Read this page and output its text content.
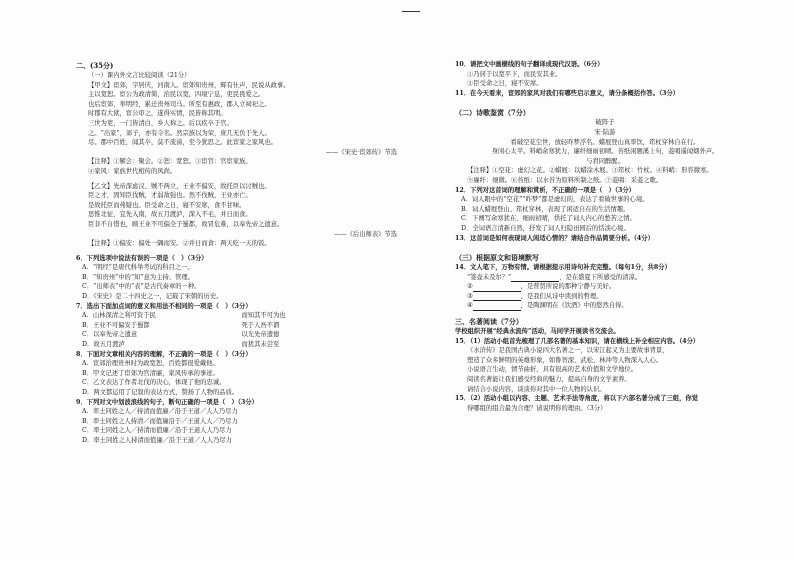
二、(35分)
（一）课内外文言比较阅读（21分）
【甲文】宦郊，字居庆，河南人。宦郊知贵州，辉有仕声，民说从政事。
主以宽恕。宦公为政清简，治民以宽，四境宁息，吏民畏爱之。
也后宦郊，举明经，累迁贵州司马。所至有惠政，郡人立祠祀之。
时郡有大狱，宦公审之，遂得实情，民皆称其明。
三世为吏，一门皆清白，乡人称之。后以疾卒于官。
之。“出家”，郊子，亦有令名。然宗族以为荣，庶几无负于先人。
尽。郡中百姓，闻其卒，莫不流涕，至今犹思之。此宦家之家风也。
——《宋史·宦郊传》节选
【注释】①解会：聚会。②恕：宽恕。③宦官：官宦家族。
④家风：家族世代相传的风尚。
【乙文】先帝深虑汉、贼不两立，王业不偏安，故托臣以讨贼也。
臣之才，固知臣伐贼，才弱敌强也。然不伐贼，王业亦亡。
是故托臣而弗疑也。臣受命之日，寝不安席，食不甘味。
思惟北征，宜先入南，故五月渡泸，深入不毛，并日而食。
臣非不自惜也，顾王业不可偏全于蜀都，故冒危难，以奉先帝之遗意。
——《后出师表》节选
【注释】①偏安：偏处一隅而安。②并日而食：两天吃一天的饭。
6．下列选项中说法有误的一项是（　）（3分）
A．“明经”是唐代科举考试的科目之一。
B．“知贵州”中的“知”意为主持、管理。
C．“出师表”中的“表”是古代奏章的一种。
D．《宋史》是二十四史之一，记载了宋朝的历史。
7．选出下面加点词的意义和用法不相同的一项是（　）（3分）
A．山林深清之利可资于民	而知其不可为也
B．王业不可偏安于蜀都	死于人吾不谓
C．以奉先帝之遗意	以光先帝遗德
D．故五月渡泸	而犹其未尝至
8．下面对文章相关内容的理解，不正确的一项是（　）（3分）
A．宦郊治理贵州时为政宽恕，百姓都很爱戴他。
B．甲文记述了宦郊为官清廉，家风传承的事迹。
C．乙文表达了作者北伐的决心，体现了他的忠诚。
D．两文都运用了记叙的表达方式，赞扬了人物的品质。
9．下列对文中划波浪线的句子，断句正确的一项是（　）（3分）
A．率土同姓之人／持清而值廉／沿于王道／人人乃尽力
B．率土同姓之人持清／而值廉沿于／王道人人／乃尽力
C．率土同姓之人／持清而值廉／沿于王道人人乃尽力
D．率土同姓之人持清而值廉／沿于王道／人人乃尽力
10．请把文中画横线的句子翻译成现代汉语。（6分）
①乃居于以宽平下，而民安其业。
②臣受命之日，寝不安席。
11．在今天看来，宦郊的家风对我们有哪些启示意义，请分条概括作答。（3分）
（二）诗歌鉴赏（7分）
破阵子
宋·陆游
看破空花尘世，放轻昨梦浮名。蜡屐登山真率饮，筇杖穿林自在行。
身闲心太平。料峭余寒犹力，廉纤细雨初晴。苔纸闲题溪上句，菱唱遥闻烟外声。
与君同醉醒。
【注释】①空花：虚幻之花。②蜡屐：以蜡涂木屐。③筇杖：竹杖。④料峭：形容微寒。
⑤廉纤：细微。⑥苔纸：以水苔为原料所制之纸。⑦菱唱：采菱之歌。
12．下列对这首词的理解和赏析，不正确的一项是（　）（3分）
A．词人眼中的“空花”“昨梦”都是虚幻的，表达了看破世事的心境。
B．词人蜡屐登山、筇杖穿林，表现了闲适自在的生活情趣。
C．下阕写余寒犹在、细雨初晴，烘托了词人内心的愁苦之情。
D．全词语言清新自然，抒发了词人归隐田园后的恬淡心境。
13．这首词是如何表现词人闲适心情的？请结合作品简要分析。（4分）
（三）根据原文和语境默写
14．文人笔下，万物有情。请根据提示用诗句补充完整。（每句1分，共8分）
“签壶未及尔？”	，是在盛夏下所感受的清凉。
②	，是普贤所说的那种宁静与美好。
③	，是我们从诗中读到的哲理。
④	，是陶渊明在《饮酒》中的悠然自得。
三、名著阅读（7分）
学校组织开展“经典永流传”活动，马同学开展读书交流会。
15．（1）活动小组首先梳理了几部名著的基本知识，请在横线上补全相应内容。（4分）
《水浒传》是我国古典小说四大名著之一，以宋江起义为主要故事背景，
塑造了众多鲜明的英雄形象，如鲁智深、武松、林冲等人物深入人心。
小说语言生动，情节曲折，具有很高的艺术价值和文学地位。
阅读名著能让我们感受经典的魅力，提高自身的文学素养。
请结合小说内容，谈谈你对其中一位人物的认识。
15．（2）活动小组以内容、主题、艺术手法等角度，将以下六部名著分成了三组，你觉
得哪组的组合最为合理？请说明你的理由。（3分）
